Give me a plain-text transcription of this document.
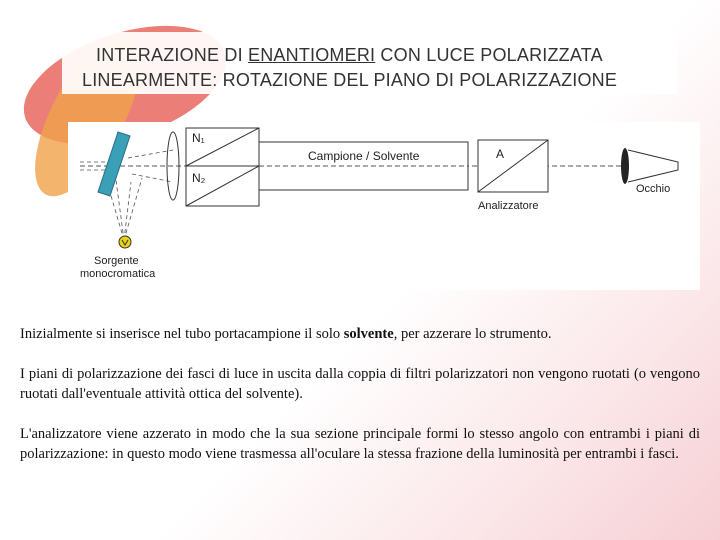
INTERAZIONE DI ENANTIOMERI CON LUCE POLARIZZATA
LINEARMENTE: ROTAZIONE DEL PIANO DI POLARIZZAZIONE
N₁
N₂
Campione / Solvente	A
Analizzatore
Occhio
Sorgente
monocromatica

Inizialmente si inserisce nel tubo portacampione il solo solvente, per azzerare lo strumento.

I piani di polarizzazione dei fasci di luce in uscita dalla coppia di filtri polarizzatori non vengono ruotati (o vengono ruotati dall'eventuale attività ottica del solvente).

L'analizzatore viene azzerato in modo che la sua sezione principale formi lo stesso angolo con entrambi i piani di polarizzazione: in questo modo viene trasmessa all'oculare la stessa frazione della luminosità per entrambi i fasci.
